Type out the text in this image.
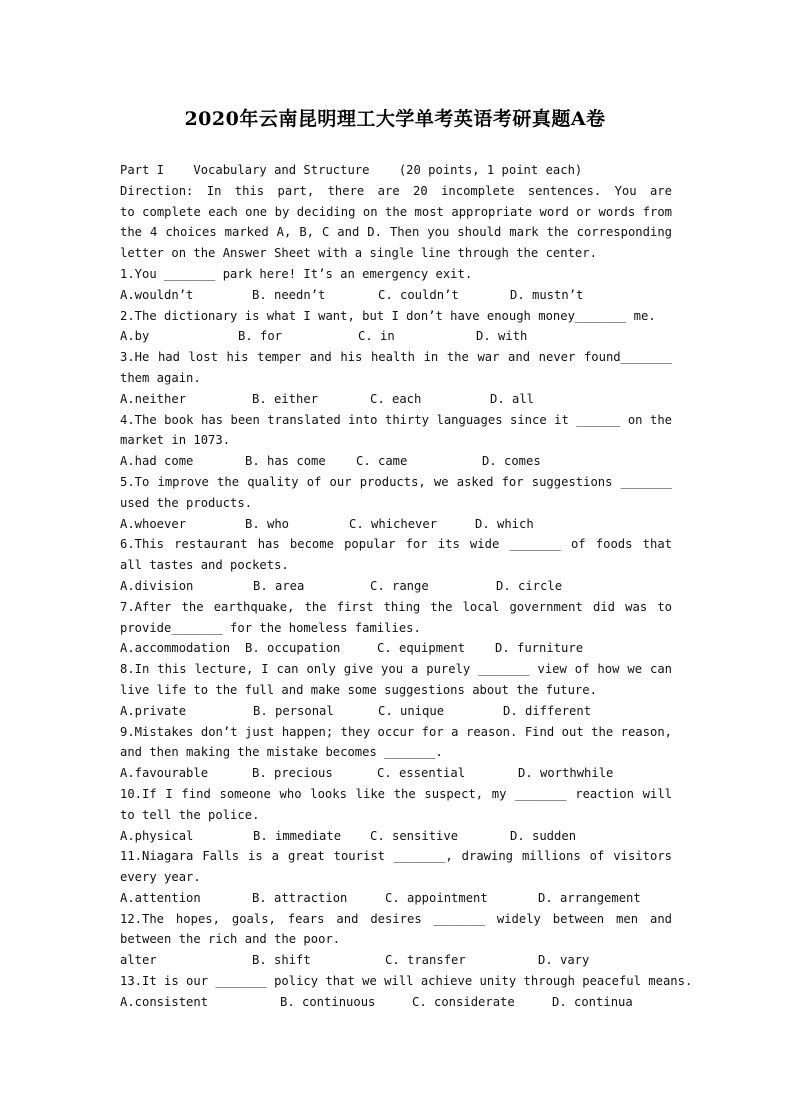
2020年云南昆明理工大学单考英语考研真题A卷
Part I    Vocabulary and Structure    (20 points, 1 point each)
Direction: In this part, there are 20 incomplete sentences. You are
to complete each one by deciding on the most appropriate word or words from
the 4 choices marked A, B, C and D. Then you should mark the corresponding
letter on the Answer Sheet with a single line through the center.
1.You _______ park here! It’s an emergency exit.
A.wouldn’t	B. needn’t	C. couldn’t	D. mustn’t
2.The dictionary is what I want, but I don’t have enough money_______ me.
A.by	B. for	C. in	D. with
3.He had lost his temper and his health in the war and never found_______
them again.
A.neither	B. either	C. each	D. all
4.The book has been translated into thirty languages since it ______ on the
market in 1073.
A.had come	B. has come C. came	D. comes
5.To improve the quality of our products, we asked for suggestions _______
used the products.
A.whoever	B. who	C. whichever	D. which
6.This restaurant has become popular for its wide _______ of foods that
all tastes and pockets.
A.division	B. area	C. range	D. circle
7.After the earthquake, the first thing the local government did was to
provide_______ for the homeless families.
A.accommodation B. occupation	C. equipment D. furniture
8.In this lecture, I can only give you a purely _______ view of how we can
live life to the full and make some suggestions about the future.
A.private	B. personal	C. unique	D. different
9.Mistakes don’t just happen; they occur for a reason. Find out the reason,
and then making the mistake becomes _______.
A.favourable	B. precious	C. essential	D. worthwhile
10.If I find someone who looks like the suspect, my _______ reaction will
to tell the police.
A.physical	B. immediate C. sensitive	D. sudden
11.Niagara Falls is a great tourist _______, drawing millions of visitors
every year.
A.attention	B. attraction	C. appointment	D. arrangement
12.The hopes, goals, fears and desires _______ widely between men and
between the rich and the poor.
alter	B. shift	C. transfer	D. vary
13.It is our _______ policy that we will achieve unity through peaceful means.
A.consistent	B. continuous	C. considerate	D. continua
